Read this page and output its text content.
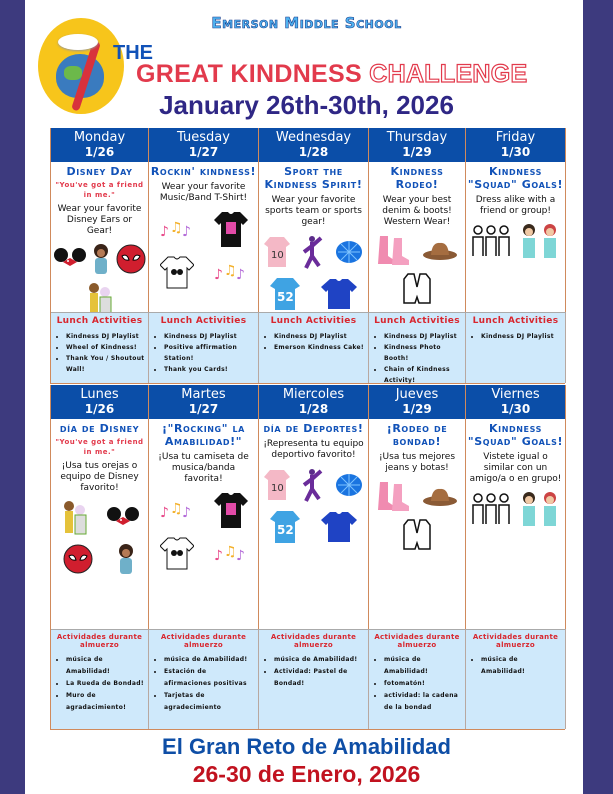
Emerson Middle School
THE
GREAT KINDNESS CHALLENGE
January 26th-30th, 2026
Monday
1/26
Tuesday
1/27
Wednesday
1/28
Thursday
1/29
Friday
1/30
Disney Day
"You've got a friend in me."
Wear your favorite Disney Ears or Gear!
Rockin' kindness!
Wear your favorite Music/Band T-Shirt!
♪ ♫ ♪
♪ ♫ ♪
Sport the Kindness Spirit!
Wear your favorite sports team or sports gear!
10
52
Kindness Rodeo!
Wear your best denim & boots! Western Wear!
Kindness "Squad" Goals!
Dress alike with a friend or group!
Lunch Activities
• Kindness DJ Playlist
• Wheel of Kindness!
• Thank You / Shoutout Wall!
Lunch Activities
• Kindness DJ Playlist
• Positive affirmation Station!
• Thank you Cards!
Lunch Activities
• Kindness DJ Playlist
• Emerson Kindness Cake!
Lunch Activities
• Kindness DJ Playlist
• Kindness Photo Booth!
• Chain of Kindness Activity!
Lunch Activities
• Kindness DJ Playlist
Lunes
1/26
Martes
1/27
Miercoles
1/28
Jueves
1/29
Viernes
1/30
día de Disney
"You've got a friend in me."
¡Usa tus orejas o equipo de Disney favorito!
¡"Rocking" la Amabilidad!"
¡Usa tu camiseta de musica/banda favorita!
♪ ♫ ♪
♪ ♫ ♪
día de Deportes!
¡Representa tu equipo deportivo favorito!
10
52
¡Rodeo de bondad!
¡Usa tus mejores jeans y botas!
Kindness "Squad" Goals!
Vistete igual o similar con un amigo/a o en grupo!
Actividades durante almuerzo
• música de Amabilidad!
• La Rueda de Bondad!
• Muro de agradacimiento!
Actividades durante almuerzo
• música de Amabilidad!
• Estación de afirmaciones positivas
• Tarjetas de agradecimiento
Actividades durante almuerzo
• música de Amabilidad!
• Actividad: Pastel de Bondad!
Actividades durante almuerzo
• música de Amabilidad!
• fotomatón!
• actividad: la cadena de la bondad
Actividades durante almuerzo
• música de Amabilidad!
El Gran Reto de Amabilidad
26-30 de Enero, 2026
